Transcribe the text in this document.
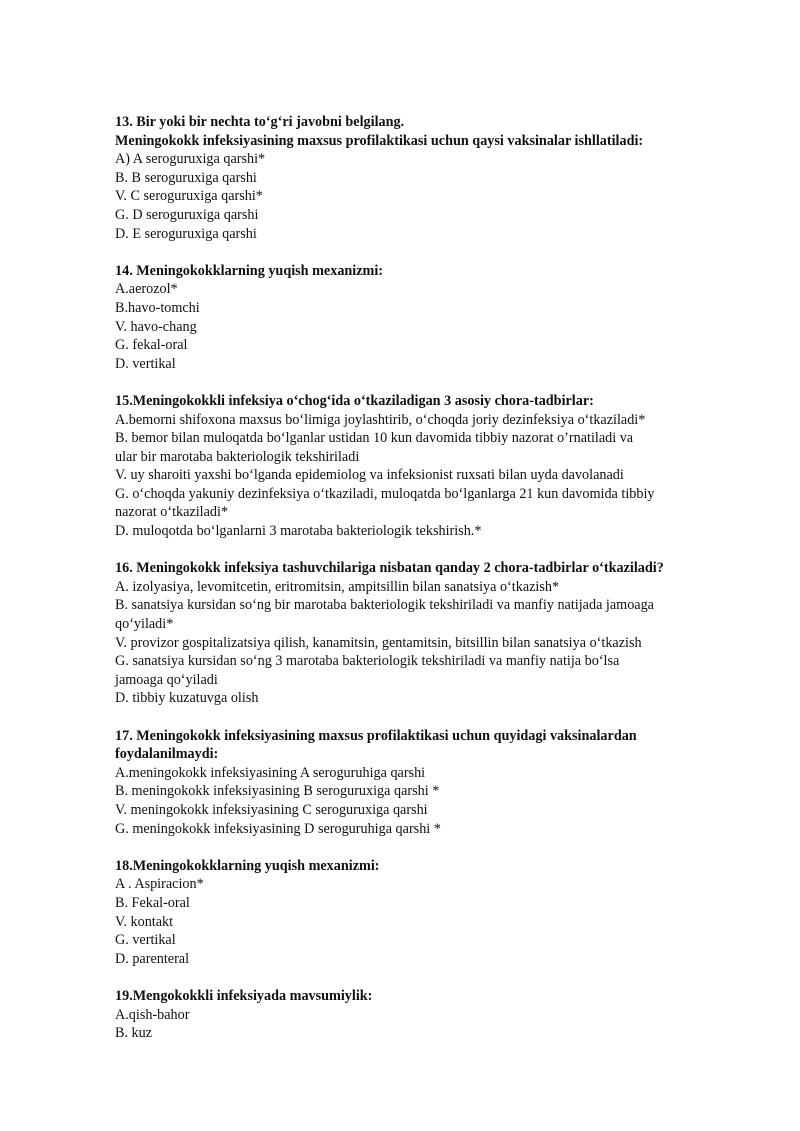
13. Bir yoki bir nechta to‘g‘ri javobni belgilang.
Meningokokk infeksiyasining maxsus profilaktikasi uchun qaysi vaksinalar ishllatiladi:
A) A seroguruxiga qarshi*
B. B seroguruxiga qarshi
V. C seroguruxiga qarshi*
G. D seroguruxiga qarshi
D. E seroguruxiga qarshi
14. Meningokokklarning yuqish mexanizmi:
A.aerozol*
B.havo-tomchi
V. havo-chang
G. fekal-oral
D. vertikal
15.Meningokokkli infeksiya o‘chog‘ida o‘tkaziladigan 3 asosiy chora-tadbirlar:
A.bemorni shifoxona maxsus bo‘limiga joylashtirib, o‘choqda joriy dezinfeksiya o‘tkaziladi*
B. bemor bilan muloqatda bo‘lganlar ustidan 10 kun davomida tibbiy nazorat o’rnatiladi va
ular bir marotaba bakteriologik tekshiriladi
V. uy sharoiti yaxshi bo‘lganda epidemiolog va infeksionist ruxsati bilan uyda davolanadi
G. o‘choqda yakuniy dezinfeksiya o‘tkaziladi, muloqatda bo‘lganlarga 21 kun davomida tibbiy
nazorat o‘tkaziladi*
D. muloqotda bo‘lganlarni 3 marotaba bakteriologik tekshirish.*
16. Meningokokk infeksiya tashuvchilariga nisbatan qanday 2 chora-tadbirlar o‘tkaziladi?
A. izolyasiya, levomitcetin, eritromitsin, ampitsillin bilan sanatsiya o‘tkazish*
B. sanatsiya kursidan so‘ng bir marotaba bakteriologik tekshiriladi va manfiy natijada jamoaga
qo‘yiladi*
V. provizor gospitalizatsiya qilish, kanamitsin, gentamitsin, bitsillin bilan sanatsiya o‘tkazish
G. sanatsiya kursidan so‘ng 3 marotaba bakteriologik tekshiriladi va manfiy natija bo‘lsa
jamoaga qo‘yiladi
D. tibbiy kuzatuvga olish
17. Meningokokk infeksiyasining maxsus profilaktikasi uchun quyidagi vaksinalardan
foydalanilmaydi:
A.meningokokk infeksiyasining A seroguruhiga qarshi
B. meningokokk infeksiyasining B seroguruxiga qarshi *
V. meningokokk infeksiyasining C seroguruxiga qarshi
G. meningokokk infeksiyasining D seroguruhiga qarshi *
18.Meningokokklarning yuqish mexanizmi:
A . Aspiracion*
B. Fekal-oral
V. kontakt
G. vertikal
D. parenteral
19.Mengokokkli infeksiyada mavsumiylik:
A.qish-bahor
B. kuz
